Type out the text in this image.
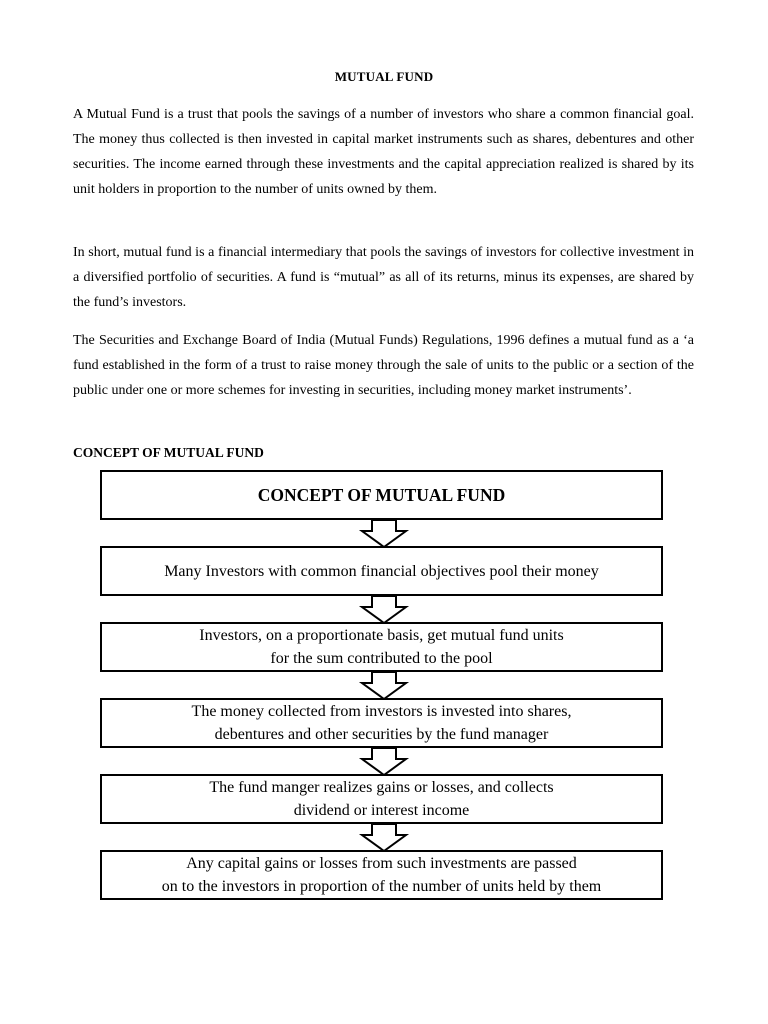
MUTUAL FUND

A Mutual Fund is a trust that pools the savings of a number of investors who share a common financial goal. The money thus collected is then invested in capital market instruments such as shares, debentures and other securities. The income earned through these investments and the capital appreciation realized is shared by its unit holders in proportion to the number of units owned by them.

In short, mutual fund is a financial intermediary that pools the savings of investors for collective investment in a diversified portfolio of securities. A fund is “mutual” as all of its returns, minus its expenses, are shared by the fund’s investors.

The Securities and Exchange Board of India (Mutual Funds) Regulations, 1996 defines a mutual fund as a ‘a fund established in the form of a trust to raise money through the sale of units to the public or a section of the public under one or more schemes for investing in securities, including money market instruments’.

CONCEPT OF MUTUAL FUND
CONCEPT OF MUTUAL FUND
Many Investors with common financial objectives pool their money
Investors, on a proportionate basis, get mutual fund units
for the sum contributed to the pool
The money collected from investors is invested into shares,
debentures and other securities by the fund manager
The fund manger realizes gains or losses, and collects
dividend or interest income
Any capital gains or losses from such investments are passed
on to the investors in proportion of the number of units held by them
